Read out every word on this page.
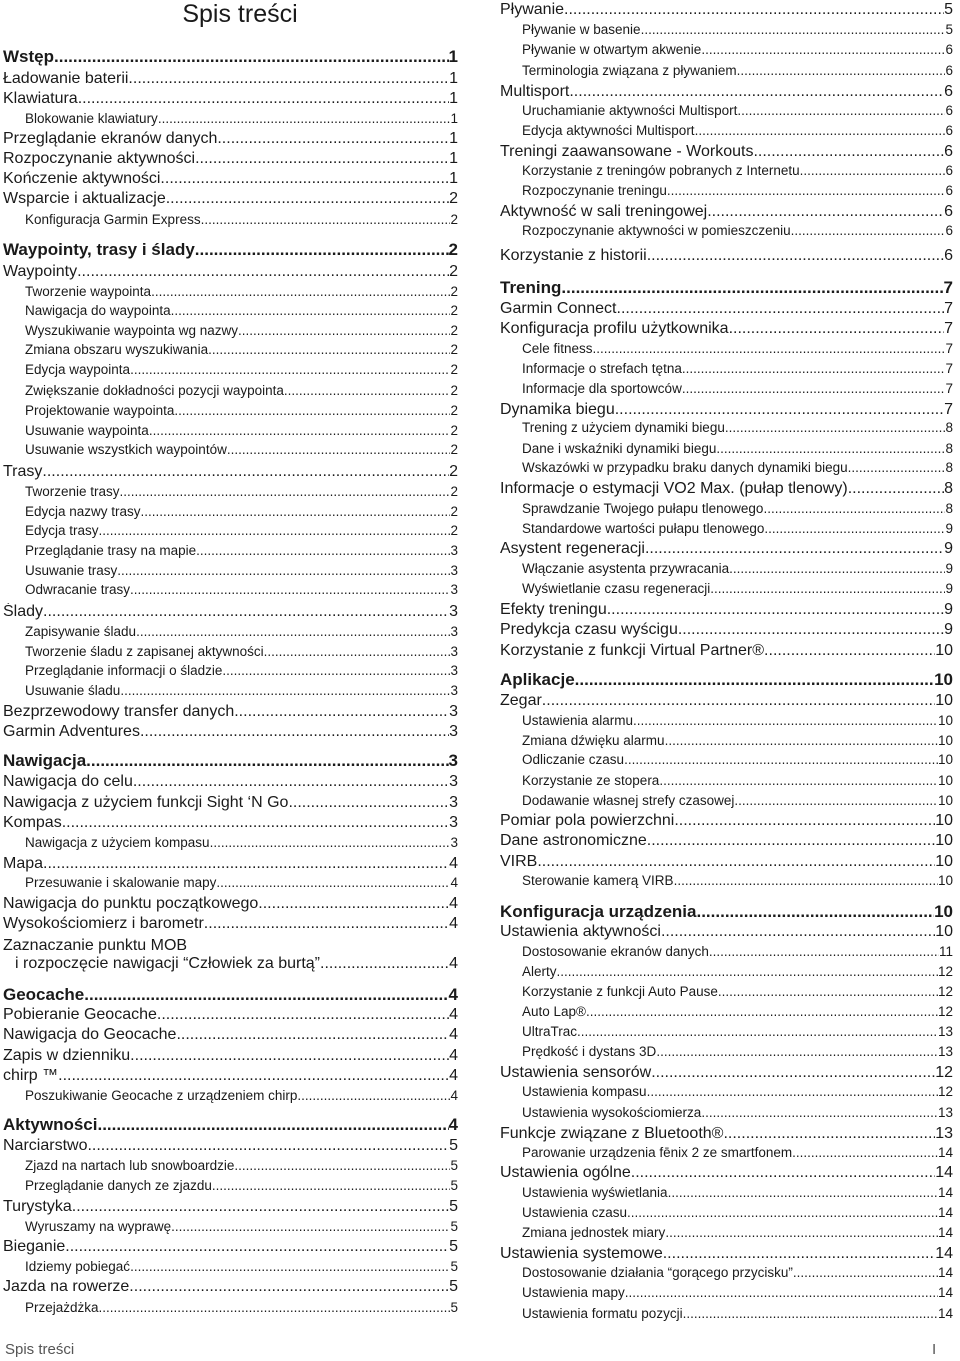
Spis treści
Wstęp .....	1
Ładowanie baterii .....	1
Klawiatura .....	1
Blokowanie klawiatury .....	1
Przeglądanie ekranów danych .....	1
Rozpoczynanie aktywności .....	1
Kończenie aktywności .....	1
Wsparcie i aktualizacje .....	2
Konfiguracja Garmin Express .....	2
Waypointy, trasy i ślady .....	2
Waypointy .....	2
Tworzenie waypointa .....	2
Nawigacja do waypointa .....	2
Wyszukiwanie waypointa wg nazwy .....	2
Zmiana obszaru wyszukiwania .....	2
Edycja waypointa .....	2
Zwiększanie dokładności pozycji waypointa .....	2
Projektowanie waypointa .....	2
Usuwanie waypointa .....	2
Usuwanie wszystkich waypointów .....	2
Trasy .....	2
Tworzenie trasy .....	2
Edycja nazwy trasy .....	2
Edycja trasy .....	2
Przeglądanie trasy na mapie .....	3
Usuwanie trasy .....	3
Odwracanie trasy .....	3
Ślady .....	3
Zapisywanie śladu .....	3
Tworzenie śladu z zapisanej aktywności .....	3
Przeglądanie informacji o śladzie .....	3
Usuwanie śladu .....	3
Bezprzewodowy transfer danych .....	3
Garmin Adventures .....	3
Nawigacja .....	3
Nawigacja do celu .....	3
Nawigacja z użyciem funkcji Sight ‘N Go .....	3
Kompas .....	3
Nawigacja z użyciem kompasu .....	3
Mapa .....	4
Przesuwanie i skalowanie mapy .....	4
Nawigacja do punktu początkowego .....	4
Wysokościomierz i barometr .....	4
Zaznaczanie punktu MOB
i rozpoczęcie nawigacji “Człowiek za burtą” .....	4
Geocache .....	4
Pobieranie Geocache .....	4
Nawigacja do Geocache .....	4
Zapis w dzienniku .....	4
chirp ™ .....	4
Poszukiwanie Geocache z urządzeniem chirp .....	4
Aktywności .....	4
Narciarstwo .....	5
Zjazd na nartach lub snowboardzie .....	5
Przeglądanie danych ze zjazdu .....	5
Turystyka .....	5
Wyruszamy na wyprawę .....	5
Bieganie .....	5
Idziemy pobiegać .....	5
Jazda na rowerze .....	5
Przejażdżka .....	5
Pływanie .....	5
Pływanie w basenie .....	5
Pływanie w otwartym akwenie .....	6
Terminologia związana z pływaniem .....	6
Multisport .....	6
Uruchamianie aktywności Multisport .....	6
Edycja aktywności Multisport .....	6
Treningi zaawansowane - Workouts .....	6
Korzystanie z treningów pobranych z Internetu .....	6
Rozpoczynanie treningu .....	6
Aktywność w sali treningowej .....	6
Rozpoczynanie aktywności w pomieszczeniu .....	6
Korzystanie z historii .....	6
Trening .....	7
Garmin Connect .....	7
Konfiguracja profilu użytkownika .....	7
Cele fitness .....	7
Informacje o strefach tętna .....	7
Informacje dla sportowców .....	7
Dynamika biegu .....	7
Trening z użyciem dynamiki biegu .....	8
Dane i wskaźniki dynamiki biegu .....	8
Wskazówki w przypadku braku danych dynamiki biegu .....	8
Informacje o estymacji VO2 Max. (pułap tlenowy) .....	8
Sprawdzanie Twojego pułapu tlenowego .....	8
Standardowe wartości pułapu tlenowego .....	9
Asystent regeneracji .....	9
Włączanie asystenta przywracania .....	9
Wyświetlanie czasu regeneracji .....	9
Efekty treningu .....	9
Predykcja czasu wyścigu .....	9
Korzystanie z funkcji Virtual Partner® .....	10
Aplikacje .....	10
Zegar .....	10
Ustawienia alarmu .....	10
Zmiana dźwięku alarmu .....	10
Odliczanie czasu .....	10
Korzystanie ze stopera .....	10
Dodawanie własnej strefy czasowej .....	10
Pomiar pola powierzchni .....	10
Dane astronomiczne .....	10
VIRB .....	10
Sterowanie kamerą VIRB .....	10
Konfiguracja urządzenia .....	10
Ustawienia aktywności .....	10
Dostosowanie ekranów danych .....	11
Alerty .....	12
Korzystanie z funkcji Auto Pause .....	12
Auto Lap® .....	12
UltraTrac .....	13
Prędkość i dystans 3D .....	13
Ustawienia sensorów .....	12
Ustawienia kompasu .....	12
Ustawienia wysokościomierza .....	13
Funkcje związane z Bluetooth® .....	13
Parowanie urządzenia fēnix 2 ze smartfonem .....	14
Ustawienia ogólne .....	14
Ustawienia wyświetlania .....	14
Ustawienia czasu .....	14
Zmiana jednostek miary .....	14
Ustawienia systemowe .....	14
Dostosowanie działania “gorącego przycisku” .....	14
Ustawienia mapy .....	14
Ustawienia formatu pozycji .....	14
Spis treści	I
